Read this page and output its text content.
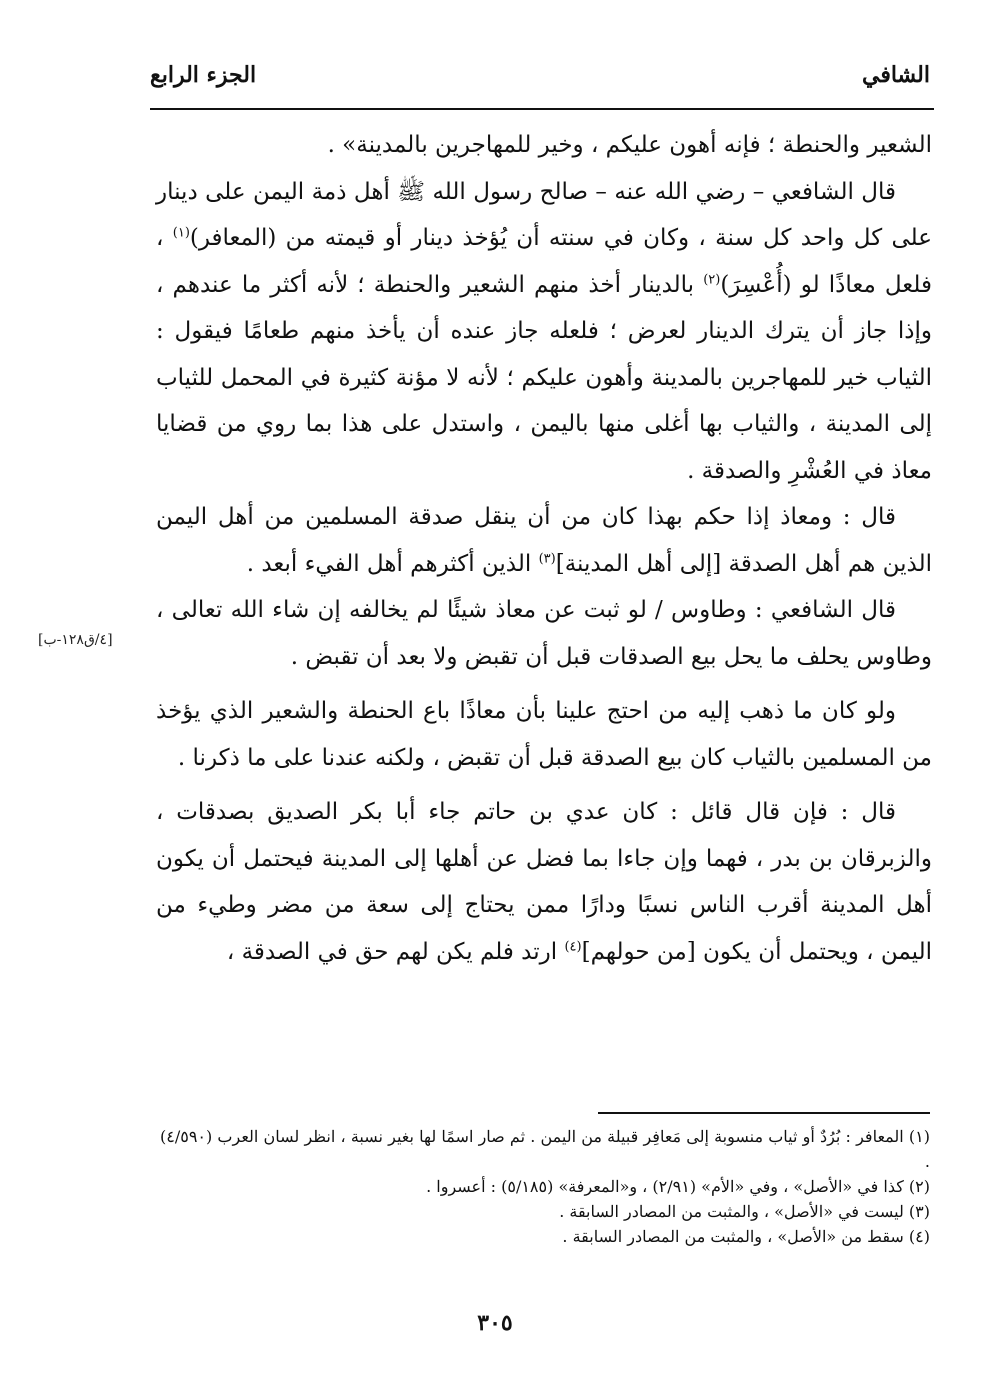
الشافي
الجزء الرابع

الشعير والحنطة ؛ فإنه أهون عليكم ، وخير للمهاجرين بالمدينة» .

قال الشافعي – رضي الله عنه – صالح رسول الله ﷺ أهل ذمة اليمن على دينار على كل واحد كل سنة ، وكان في سنته أن يُؤخذ دينار أو قيمته من (المعافر)$^{(١)}$ ، فلعل معاذًا لو (أُعْسِرَ)$^{(٢)}$ بالدينار أخذ منهم الشعير والحنطة ؛ لأنه أكثر ما عندهم ، وإذا جاز أن يترك الدينار لعرض ؛ فلعله جاز عنده أن يأخذ منهم طعامًا فيقول : الثياب خير للمهاجرين بالمدينة وأهون عليكم ؛ لأنه لا مؤنة كثيرة في المحمل للثياب إلى المدينة ، والثياب بها أغلى منها باليمن ، واستدل على هذا بما روي من قضايا معاذ في العُشْرِ والصدقة .

قال : ومعاذ إذا حكم بهذا كان من أن ينقل صدقة المسلمين من أهل اليمن الذين هم أهل الصدقة [إلى أهل المدينة]$^{(٣)}$ الذين أكثرهم أهل الفيء أبعد .

قال الشافعي : وطاوس / لو ثبت عن معاذ شيئًا لم يخالفه إن شاء الله تعالى ، وطاوس يحلف ما يحل بيع الصدقات قبل أن تقبض ولا بعد أن تقبض .

ولو كان ما ذهب إليه من احتج علينا بأن معاذًا باع الحنطة والشعير الذي يؤخذ من المسلمين بالثياب كان بيع الصدقة قبل أن تقبض ، ولكنه عندنا على ما ذكرنا .

قال : فإن قال قائل : كان عدي بن حاتم جاء أبا بكر الصديق بصدقات ، والزبرقان بن بدر ، فهما وإن جاءا بما فضل عن أهلها إلى المدينة فيحتمل أن يكون أهل المدينة أقرب الناس نسبًا ودارًا ممن يحتاج إلى سعة من مضر وطيء من اليمن ، ويحتمل أن يكون [من حولهم]$^{(٤)}$ ارتد فلم يكن لهم حق في الصدقة ،

[٤/ق١٢٨-ب]

(١) المعافر : بُرُدٌ أو ثياب منسوبة إلى مَعافِر قبيلة من اليمن . ثم صار اسمًا لها بغير نسبة ، انظر لسان العرب (٤/٥٩٠) .

(٢) كذا في «الأصل» ، وفي «الأم» (٢/٩١) ، و«المعرفة» (٥/١٨٥) : أعسروا .

(٣) ليست في «الأصل» ، والمثبت من المصادر السابقة .

(٤) سقط من «الأصل» ، والمثبت من المصادر السابقة .

٣٠٥
